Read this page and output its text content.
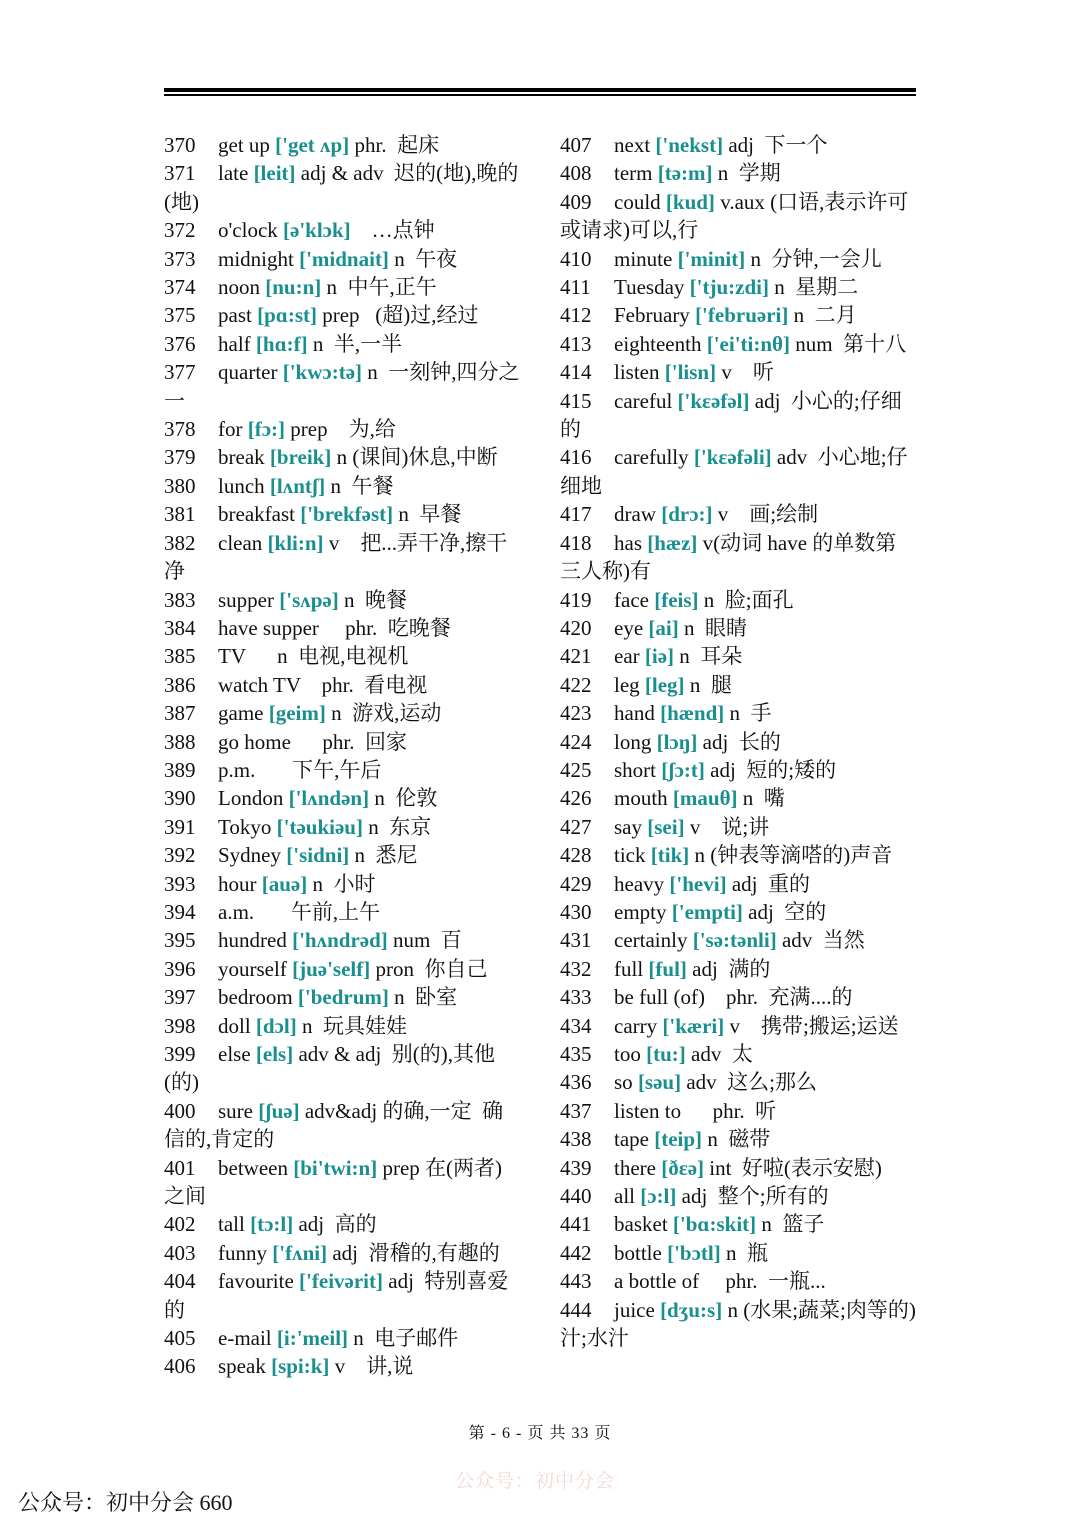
370 get up ['get ʌp] phr.  起床

371 late [leit] adj & adv  迟的(地),晚的(地)

372 o'clock [ə'klɔk]    …点钟

373 midnight ['midnait] n  午夜

374 noon [nu:n] n  中午,正午

375 past [pɑ:st] prep   (超)过,经过

376 half [hɑ:f] n  半,一半

377 quarter ['kwɔ:tə] n  一刻钟,四分之一

378 for [fɔ:] prep    为,给

379 break [breik] n (课间)休息,中断

380 lunch [lʌntʃ] n  午餐

381 breakfast ['brekfəst] n  早餐

382 clean [kli:n] v    把...弄干净,擦干净

383 supper ['sʌpə] n  晚餐

384 have supper     phr.  吃晚餐

385 TV      n  电视,电视机

386 watch TV    phr.  看电视

387 game [geim] n  游戏,运动

388 go home      phr.  回家

389 p.m.       下午,午后

390 London ['lʌndən] n  伦敦

391 Tokyo ['təukiəu] n  东京

392 Sydney ['sidni] n  悉尼

393 hour [auə] n  小时

394 a.m.       午前,上午

395 hundred ['hʌndrəd] num  百

396 yourself [juə'self] pron  你自己

397 bedroom ['bedrum] n  卧室

398 doll [dɔl] n  玩具娃娃

399 else [els] adv & adj  别(的),其他(的)

400 sure [ʃuə] adv&adj 的确,一定  确信的,肯定的

401 between [bi'twi:n] prep 在(两者)之间

402 tall [tɔ:l] adj  高的

403 funny ['fʌni] adj  滑稽的,有趣的

404 favourite ['feivərit] adj  特别喜爱的

405 e-mail [i:'meil] n  电子邮件

406 speak [spi:k] v    讲,说

407 next ['nekst] adj  下一个

408 term [tə:m] n  学期

409 could [kud] v.aux (口语,表示许可或请求)可以,行

410 minute ['minit] n  分钟,一会儿

411 Tuesday ['tju:zdi] n  星期二

412 February ['februəri] n  二月

413 eighteenth ['ei'ti:nθ] num  第十八

414 listen ['lisn] v    听

415 careful ['kεəfəl] adj  小心的;仔细的

416 carefully ['kεəfəli] adv  小心地;仔细地

417 draw [drɔ:] v    画;绘制

418 has [hæz] v(动词 have 的单数第三人称)有

419 face [feis] n  脸;面孔

420 eye [ai] n  眼睛

421 ear [iə] n  耳朵

422 leg [leg] n  腿

423 hand [hænd] n  手

424 long [lɔŋ] adj  长的

425 short [ʃɔ:t] adj  短的;矮的

426 mouth [mauθ] n  嘴

427 say [sei] v    说;讲

428 tick [tik] n (钟表等滴嗒的)声音

429 heavy ['hevi] adj  重的

430 empty ['empti] adj  空的

431 certainly ['sə:tənli] adv  当然

432 full [ful] adj  满的

433 be full (of)    phr.  充满....的

434 carry ['kæri] v    携带;搬运;运送

435 too [tu:] adv  太

436 so [səu] adv  这么;那么

437 listen to      phr.  听

438 tape [teip] n  磁带

439 there [ðεə] int  好啦(表示安慰)

440 all [ɔ:l] adj  整个;所有的

441 basket ['bɑ:skit] n  篮子

442 bottle ['bɔtl] n  瓶

443 a bottle of     phr.  一瓶...

444 juice [dʒu:s] n (水果;蔬菜;肉等的)汁;水汁

第 - 6 - 页 共 33 页
公众号：初中分会
公众号：初中分会 660
